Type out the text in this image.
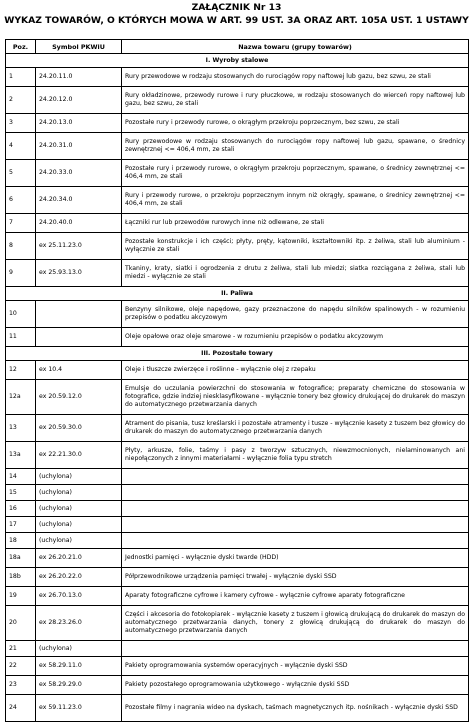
ZAŁĄCZNIK Nr 13
WYKAZ TOWARÓW, O KTÓRYCH MOWA W ART. 99 UST. 3A ORAZ ART. 105A UST. 1 USTAWY
Poz.	Symbol PKWiU	Nazwa towaru (grupy towarów)
I. Wyroby stalowe		
1	24.20.11.0	Rury przewodowe w rodzaju stosowanych do rurociągów ropy naftowej lub gazu, bez szwu, ze stali
2	24.20.12.0	Rury okładzinowe, przewody rurowe i rury płuczkowe, w rodzaju stosowanych do wierceń ropy naftowej lub gazu, bez szwu, ze stali
3	24.20.13.0	Pozostałe rury i przewody rurowe, o okrągłym przekroju poprzecznym, bez szwu, ze stali
4	24.20.31.0	Rury przewodowe w rodzaju stosowanych do rurociągów ropy naftowej lub gazu, spawane, o średnicy zewnętrznej <= 406,4 mm, ze stali
5	24.20.33.0	Pozostałe rury i przewody rurowe, o okrągłym przekroju poprzecznym, spawane, o średnicy zewnętrznej <= 406,4 mm, ze stali
6	24.20.34.0	Rury i przewody rurowe, o przekroju poprzecznym innym niż okrągły, spawane, o średnicy zewnętrznej <= 406,4 mm, ze stali
7	24.20.40.0	Łączniki rur lub przewodów rurowych inne niż odlewane, ze stali
8	ex 25.11.23.0	Pozostałe konstrukcje i ich części; płyty, pręty, kątowniki, kształtowniki itp. z żeliwa, stali lub aluminium - wyłącznie ze stali
9	ex 25.93.13.0	Tkaniny, kraty, siatki i ogrodzenia z drutu z żeliwa, stali lub miedzi; siatka rozciągana z żeliwa, stali lub miedzi - wyłącznie ze stali
II. Paliwa		
10		Benzyny silnikowe, oleje napędowe, gazy przeznaczone do napędu silników spalinowych - w rozumieniu przepisów o podatku akcyzowym
11		Oleje opałowe oraz oleje smarowe - w rozumieniu przepisów o podatku akcyzowym
III. Pozostałe towary		
12	ex 10.4	Oleje i tłuszcze zwierzęce i roślinne - wyłącznie olej z rzepaku
12a	ex 20.59.12.0	Emulsje do uczulania powierzchni do stosowania w fotografice; preparaty chemiczne do stosowania w fotografice, gdzie indziej niesklasyfikowane - wyłącznie tonery bez głowicy drukującej do drukarek do maszyn do automatycznego przetwarzania danych
13	ex 20.59.30.0	Atrament do pisania, tusz kreślarski i pozostałe atramenty i tusze - wyłącznie kasety z tuszem bez głowicy do drukarek do maszyn do automatycznego przetwarzania danych
13a	ex 22.21.30.0	Płyty, arkusze, folie, taśmy i pasy z tworzyw sztucznych, niewzmocnionych, nielaminowanych ani niepołączonych z innymi materiałami - wyłącznie folia typu stretch
14	(uchylona)	
15	(uchylona)	
16	(uchylona)	
17	(uchylona)	
18	(uchylona)	
18a	ex 26.20.21.0	Jednostki pamięci - wyłącznie dyski twarde (HDD)
18b	ex 26.20.22.0	Półprzewodnikowe urządzenia pamięci trwałej - wyłącznie dyski SSD
19	ex 26.70.13.0	Aparaty fotograficzne cyfrowe i kamery cyfrowe - wyłącznie cyfrowe aparaty fotograficzne
20	ex 28.23.26.0	Części i akcesoria do fotokopiarek - wyłącznie kasety z tuszem i głowicą drukującą do drukarek do maszyn do automatycznego przetwarzania danych, tonery z głowicą drukującą do drukarek do maszyn do automatycznego przetwarzania danych
21	(uchylona)	
22	ex 58.29.11.0	Pakiety oprogramowania systemów operacyjnych - wyłącznie dyski SSD
23	ex 58.29.29.0	Pakiety pozostałego oprogramowania użytkowego - wyłącznie dyski SSD
24	ex 59.11.23.0	Pozostałe filmy i nagrania wideo na dyskach, taśmach magnetycznych itp. nośnikach - wyłącznie dyski SSD
